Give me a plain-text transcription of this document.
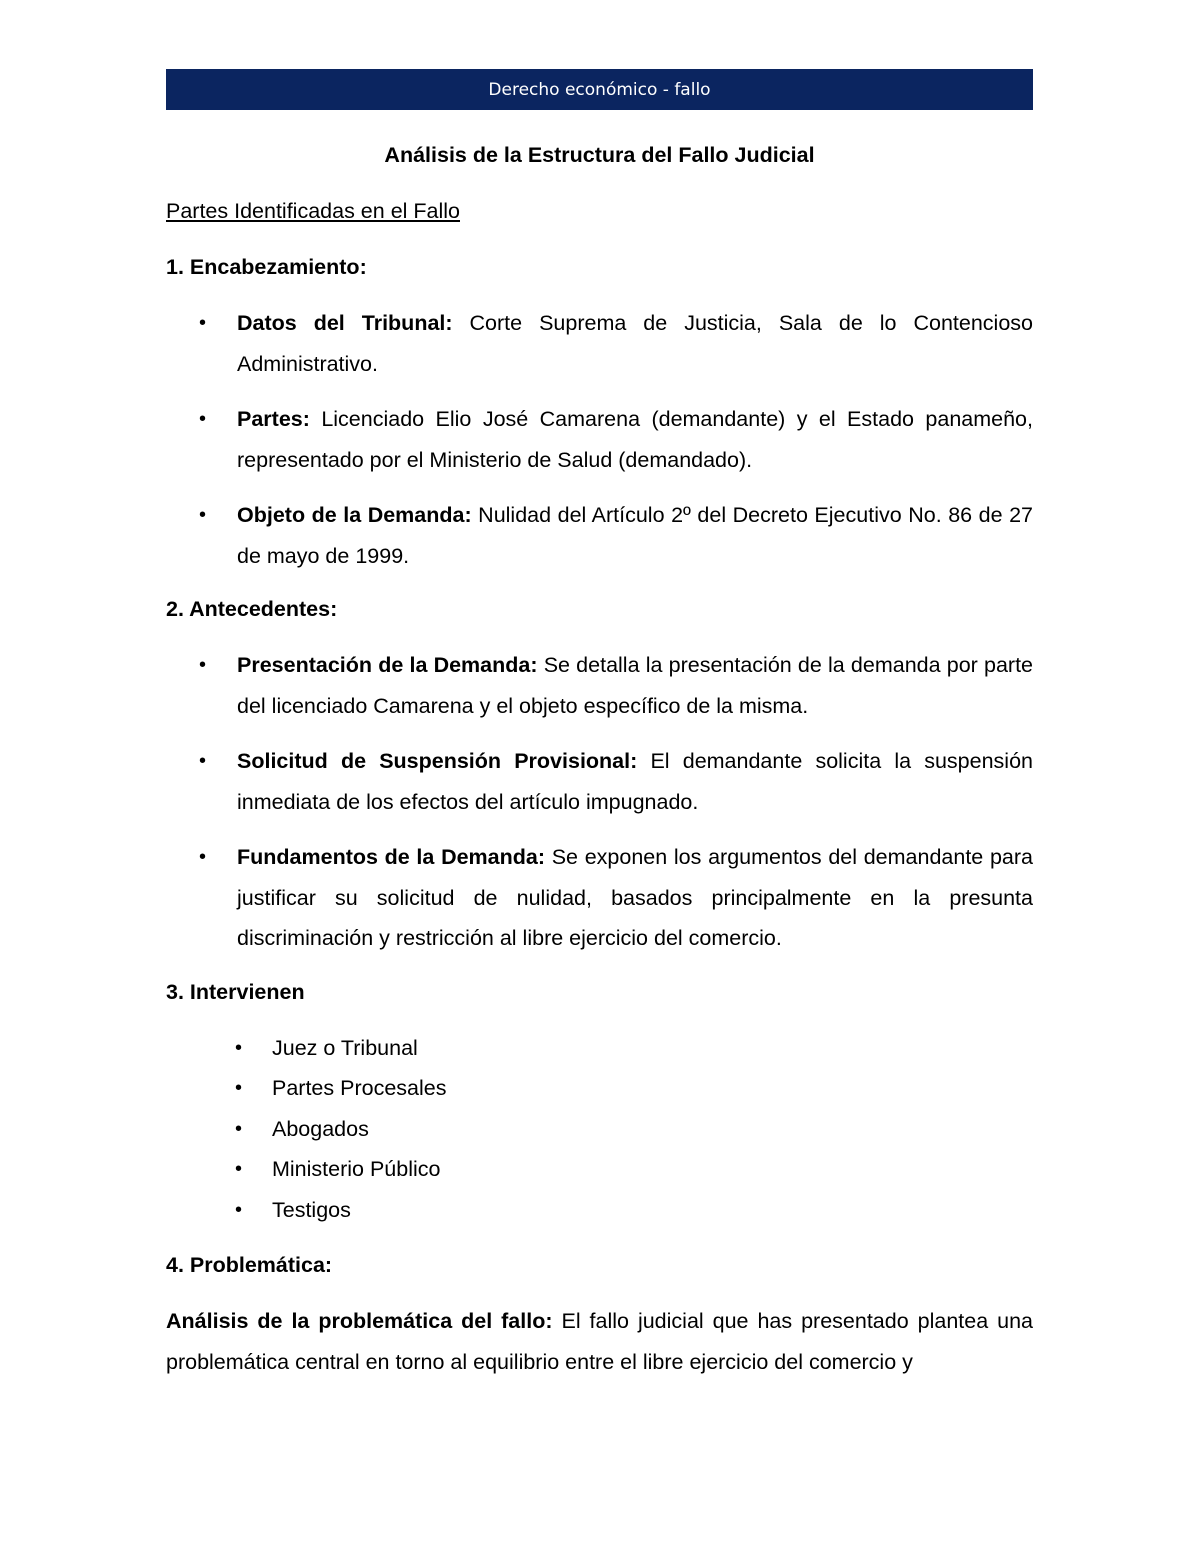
Derecho económico - fallo

Análisis de la Estructura del Fallo Judicial

Partes Identificadas en el Fallo

1. Encabezamiento:

• Datos del Tribunal: Corte Suprema de Justicia, Sala de lo Contencioso Administrativo.
• Partes: Licenciado Elio José Camarena (demandante) y el Estado panameño, representado por el Ministerio de Salud (demandado).
• Objeto de la Demanda: Nulidad del Artículo 2º del Decreto Ejecutivo No. 86 de 27 de mayo de 1999.

2. Antecedentes:

• Presentación de la Demanda: Se detalla la presentación de la demanda por parte del licenciado Camarena y el objeto específico de la misma.
• Solicitud de Suspensión Provisional: El demandante solicita la suspensión inmediata de los efectos del artículo impugnado.
• Fundamentos de la Demanda: Se exponen los argumentos del demandante para justificar su solicitud de nulidad, basados principalmente en la presunta discriminación y restricción al libre ejercicio del comercio.

3. Intervienen

• Juez o Tribunal
• Partes Procesales
• Abogados
• Ministerio Público
• Testigos

4. Problemática:

Análisis de la problemática del fallo: El fallo judicial que has presentado plantea una problemática central en torno al equilibrio entre el libre ejercicio del comercio y
